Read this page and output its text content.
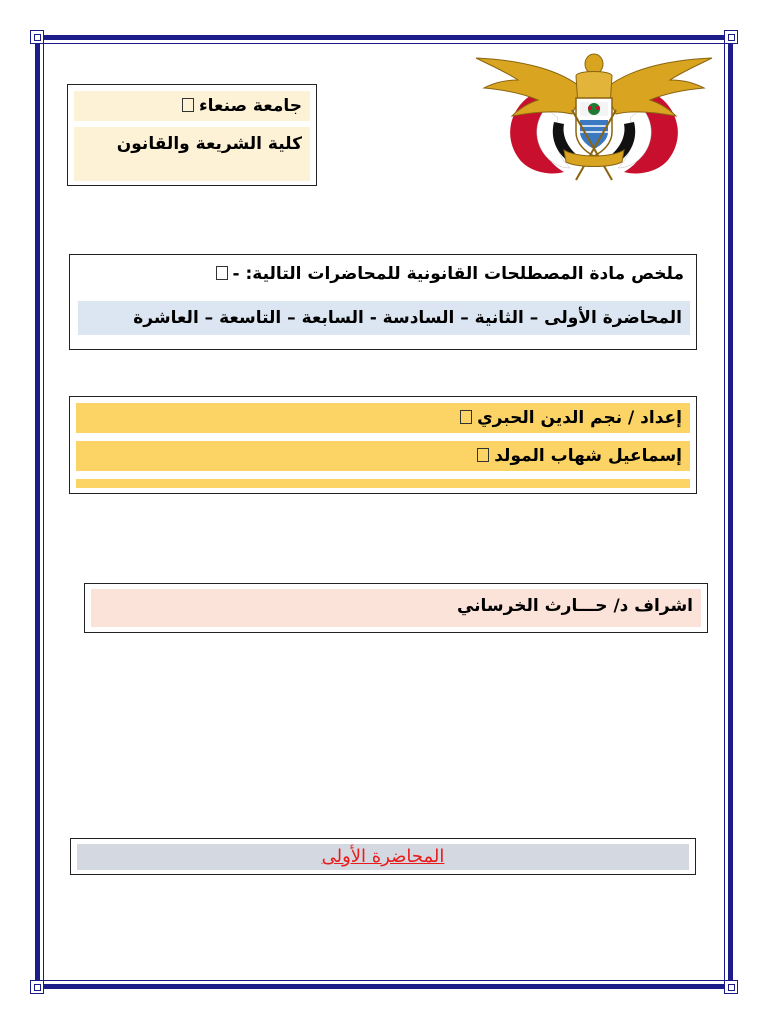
جامعة صنعاء
كلية الشريعة والقانون
ملخص مادة المصطلحات القانونية للمحاضرات التالية: -
المحاضرة الأولى – الثانية – السادسة - السابعة – التاسعة – العاشرة
إعداد / نجم الدين الحبري
إسماعيل شهاب المولد
اشراف د/ حـــارث الخرساني
المحاضرة الأولى
